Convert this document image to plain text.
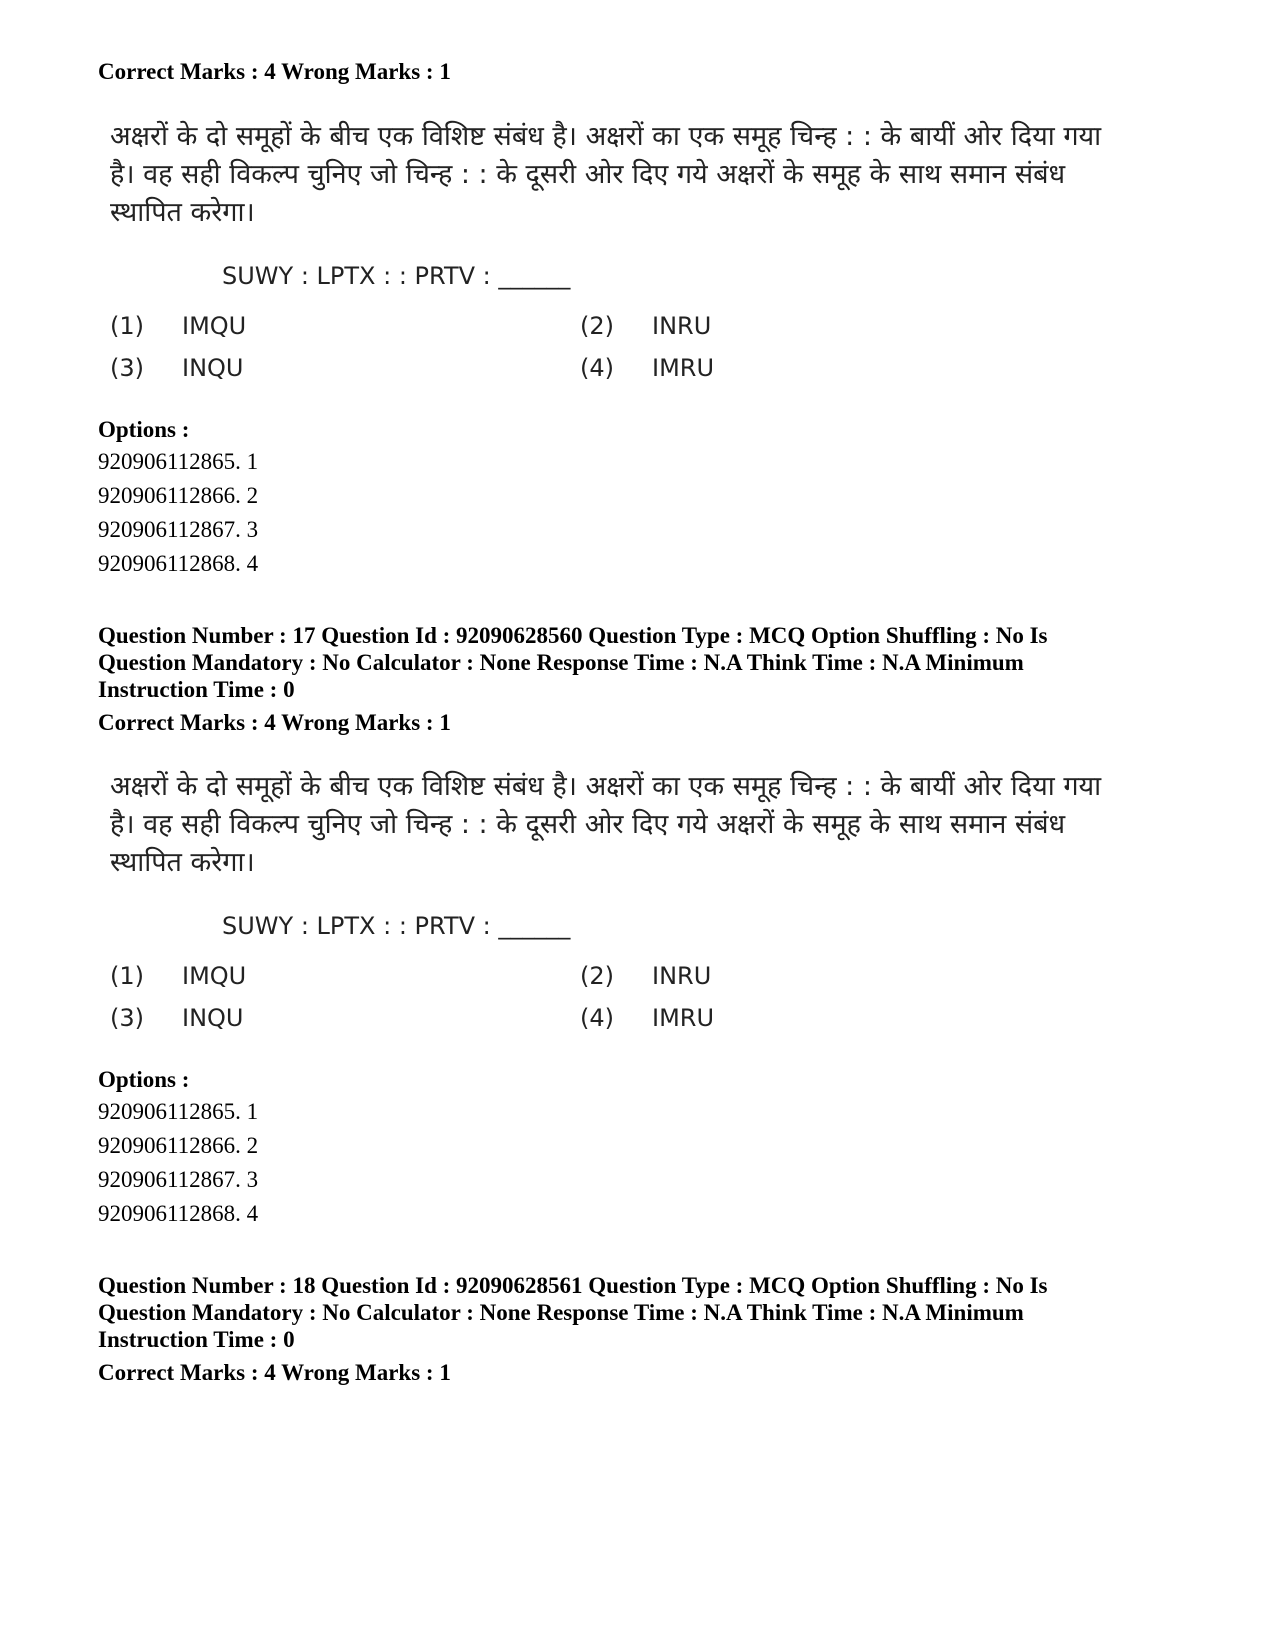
Correct Marks : 4 Wrong Marks : 1

अक्षरों के दो समूहों के बीच एक विशिष्ट संबंध है। अक्षरों का एक समूह चिन्ह : : के बायीं ओर दिया गया है। वह सही विकल्प चुनिए जो चिन्ह : : के दूसरी ओर दिए गये अक्षरों के समूह के साथ समान संबंध स्थापित करेगा।

SUWY : LPTX : : PRTV : ______
(1)	IMQU	(2)	INRU
(3)	INQU	(4)	IMRU
Options :
920906112865. 1
920906112866. 2
920906112867. 3
920906112868. 4
Question Number : 17 Question Id : 92090628560 Question Type : MCQ Option Shuffling : No Is
Question Mandatory : No Calculator : None Response Time : N.A Think Time : N.A Minimum
Instruction Time : 0
Correct Marks : 4 Wrong Marks : 1

अक्षरों के दो समूहों के बीच एक विशिष्ट संबंध है। अक्षरों का एक समूह चिन्ह : : के बायीं ओर दिया गया है। वह सही विकल्प चुनिए जो चिन्ह : : के दूसरी ओर दिए गये अक्षरों के समूह के साथ समान संबंध स्थापित करेगा।

SUWY : LPTX : : PRTV : ______
(1)	IMQU	(2)	INRU
(3)	INQU	(4)	IMRU
Options :
920906112865. 1
920906112866. 2
920906112867. 3
920906112868. 4
Question Number : 18 Question Id : 92090628561 Question Type : MCQ Option Shuffling : No Is
Question Mandatory : No Calculator : None Response Time : N.A Think Time : N.A Minimum
Instruction Time : 0
Correct Marks : 4 Wrong Marks : 1
